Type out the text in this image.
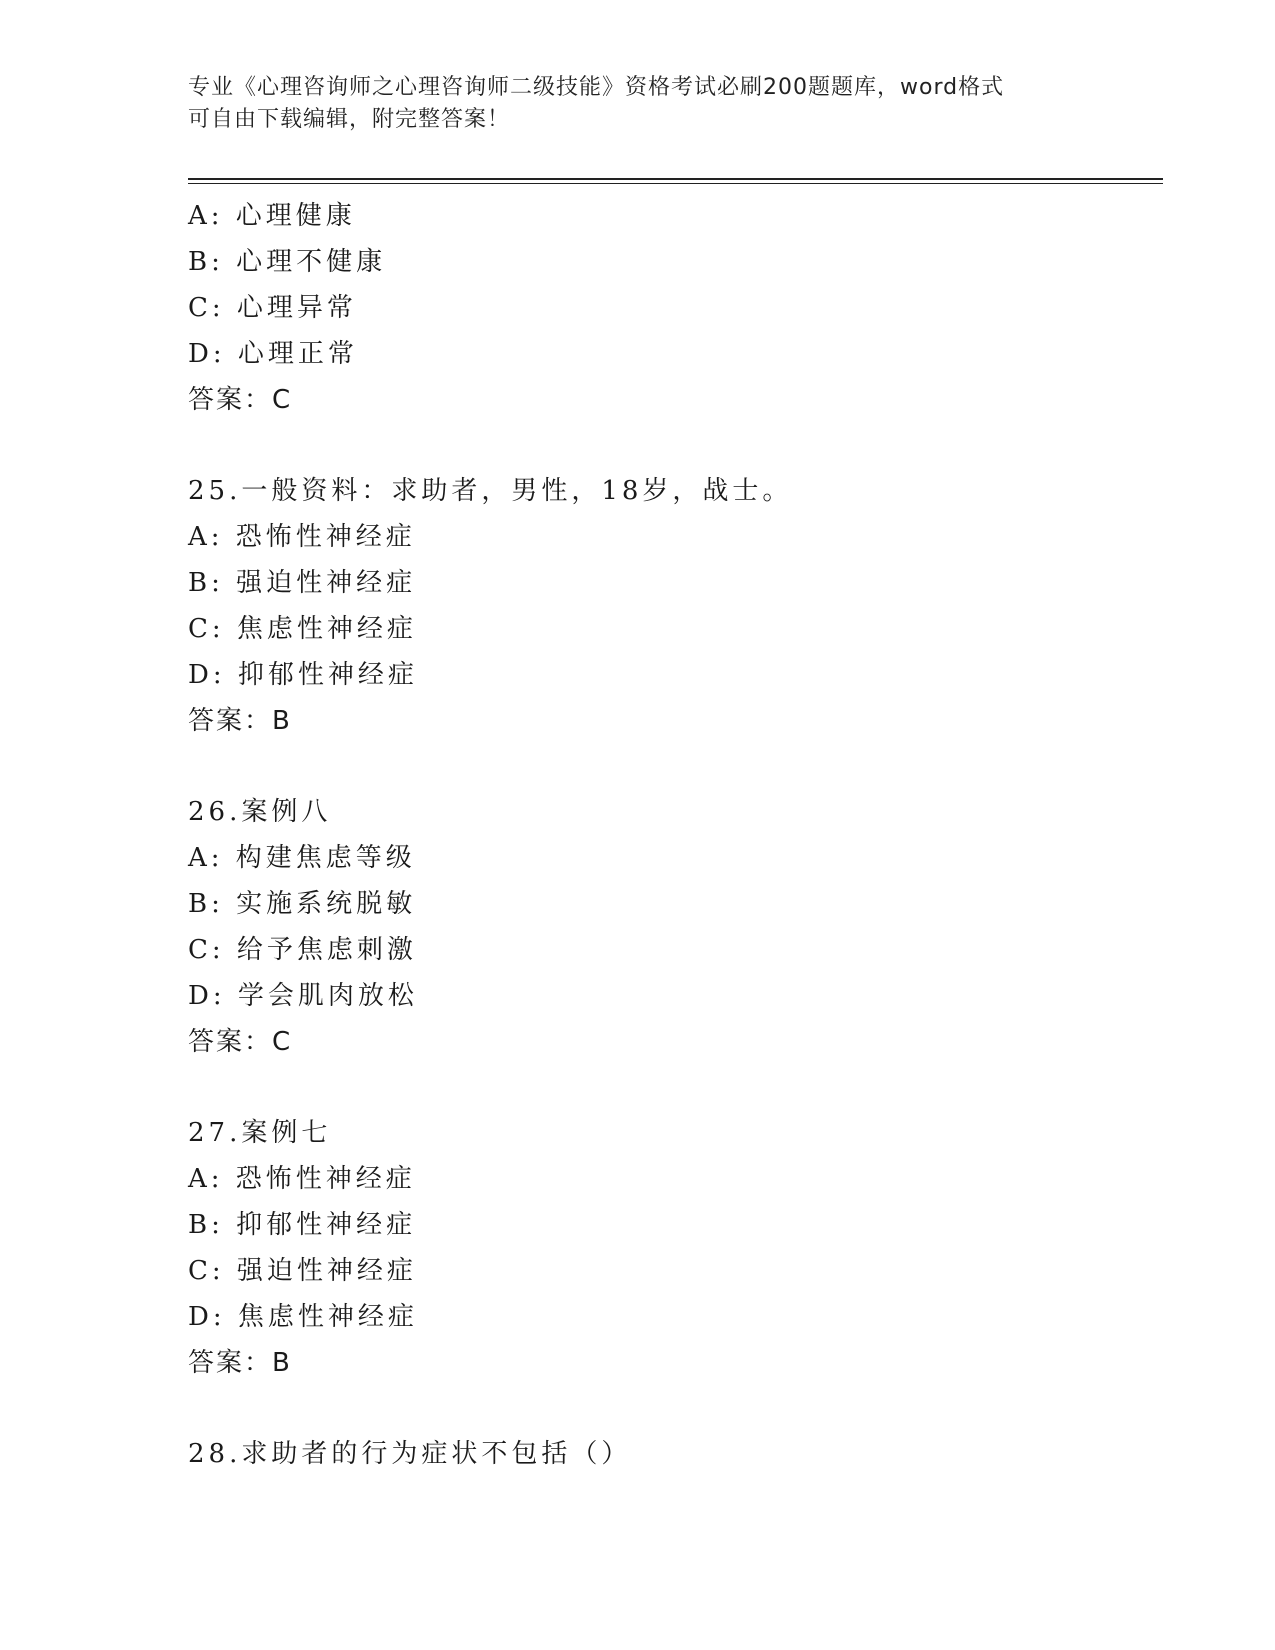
专业《心理咨询师之心理咨询师二级技能》资格考试必刷200题题库，word格式
可自由下载编辑，附完整答案！
A: 心理健康
B: 心理不健康
C: 心理异常
D: 心理正常
答案：C
25.一般资料：求助者，男性，18岁，战士。
A: 恐怖性神经症
B: 强迫性神经症
C: 焦虑性神经症
D: 抑郁性神经症
答案：B
26.案例八
A: 构建焦虑等级
B: 实施系统脱敏
C: 给予焦虑刺激
D: 学会肌肉放松
答案：C
27.案例七
A: 恐怖性神经症
B: 抑郁性神经症
C: 强迫性神经症
D: 焦虑性神经症
答案：B
28.求助者的行为症状不包括（）
